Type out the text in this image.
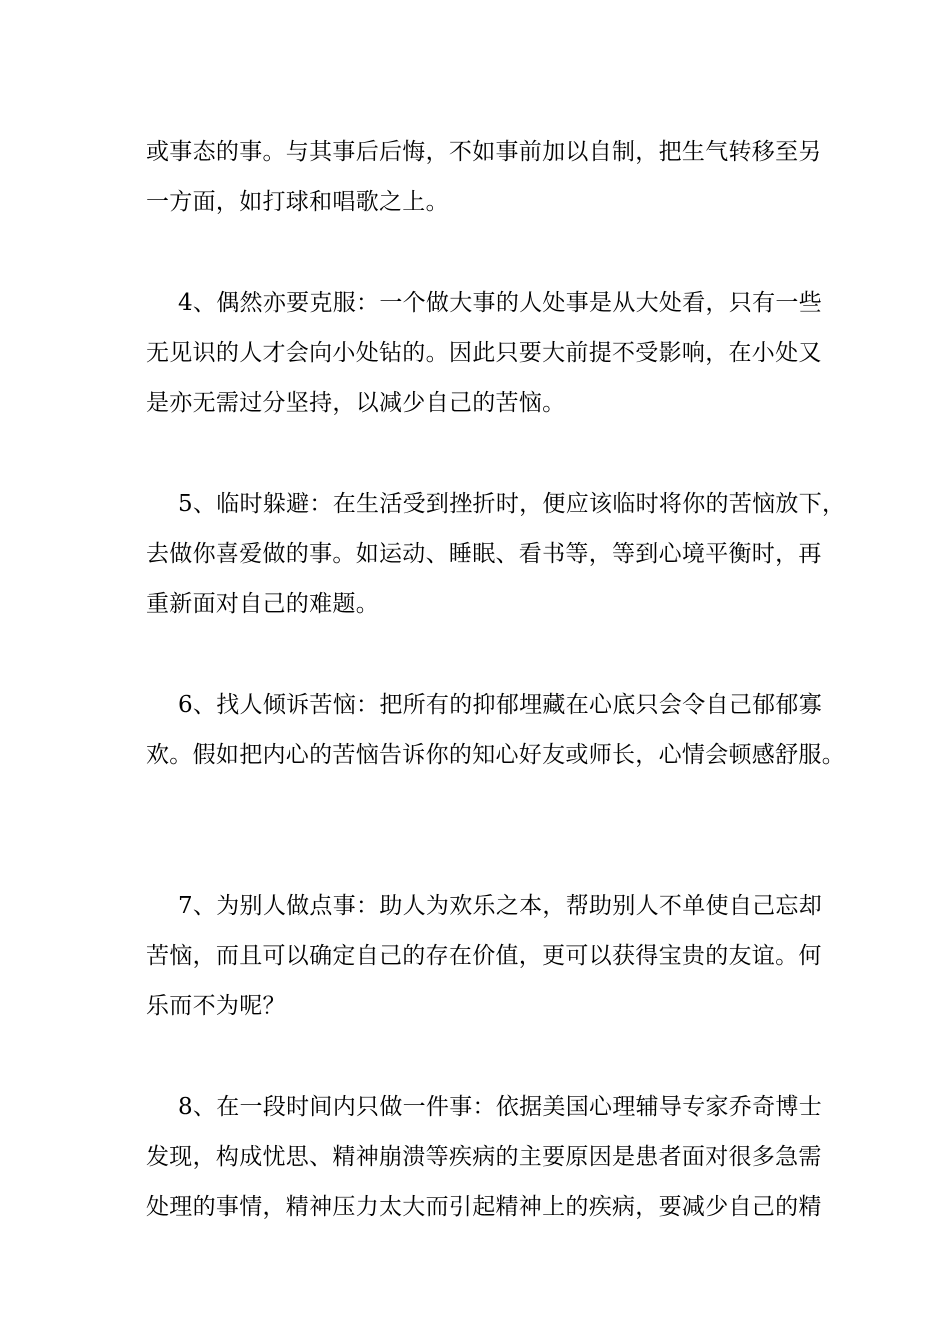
或事态的事。与其事后后悔，不如事前加以自制，把生气转移至另
一方面，如打球和唱歌之上。
4、偶然亦要克服：一个做大事的人处事是从大处看，只有一些
无见识的人才会向小处钻的。因此只要大前提不受影响，在小处又
是亦无需过分坚持，以减少自己的苦恼。
5、临时躲避：在生活受到挫折时，便应该临时将你的苦恼放下，
去做你喜爱做的事。如运动、睡眠、看书等，等到心境平衡时，再
重新面对自己的难题。
6、找人倾诉苦恼：把所有的抑郁埋藏在心底只会令自己郁郁寡
欢。假如把内心的苦恼告诉你的知心好友或师长，心情会顿感舒服。
7、为别人做点事：助人为欢乐之本，帮助别人不单使自己忘却
苦恼，而且可以确定自己的存在价值，更可以获得宝贵的友谊。何
乐而不为呢？
8、在一段时间内只做一件事：依据美国心理辅导专家乔奇博士
发现，构成忧思、精神崩溃等疾病的主要原因是患者面对很多急需
处理的事情，精神压力太大而引起精神上的疾病，要减少自己的精
